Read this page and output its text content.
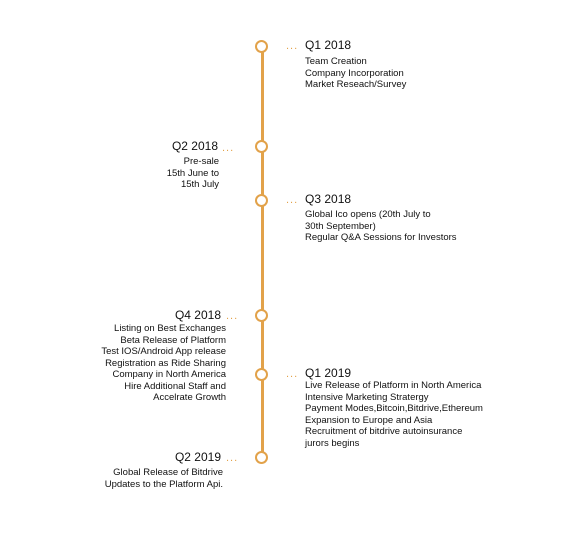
... Q1 2018
Team Creation
Company Incorporation
Market Reseach/Survey
...
Q2 2018
Pre-sale
15th June to
15th July
... Q3 2018
Global Ico opens (20th July to
30th September)
Regular Q&A Sessions for Investors
...
Q4 2018
Listing on Best Exchanges
Beta Release of Platform
Test IOS/Android App release
Registration as Ride Sharing
Company in North America
Hire Additional Staff and
Accelrate Growth
... Q1 2019
Live Release of Platform in North America
Intensive Marketing Stratergy
Payment Modes,Bitcoin,Bitdrive,Ethereum
Expansion to Europe and Asia
Recruitment of bitdrive autoinsurance
jurors begins
...
Q2 2019
Global Release of Bitdrive
Updates to the Platform Api.
